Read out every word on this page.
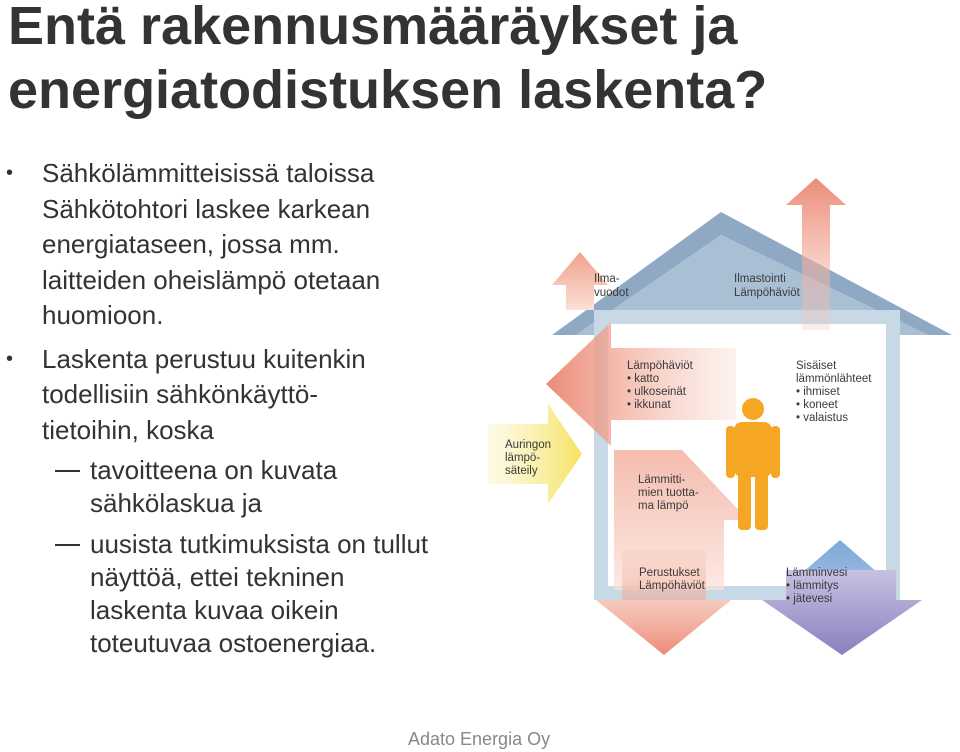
Entä rakennusmääräykset ja
energiatodistuksen laskenta?
• Sähkölämmitteisissä taloissa
Sähkötohtori laskee karkean
energiataseen, jossa mm.
laitteiden oheislämpö otetaan
huomioon.
• Laskenta perustuu kuitenkin
todellisiin sähkönkäyttö-
tietoihin, koska
tavoitteena on kuvata
sähkölaskua ja
uusista tutkimuksista on tullut
näyttöä, ettei tekninen
laskenta kuvaa oikein
toteutuvaa ostoenergiaa.
Ilma-
vuodot
Ilmastointi
Lämpöhäviöt
Lämpöhäviöt
• katto
• ulkoseinät
• ikkunat
Sisäiset
lämmönlähteet
• ihmiset
• koneet
• valaistus
Auringon
lämpö-
säteily
Lämmitti-
mien tuotta-
ma lämpö
Perustukset
Lämpöhäviöt
Lämminvesi
• lämmitys
• jätevesi
Adato Energia Oy
